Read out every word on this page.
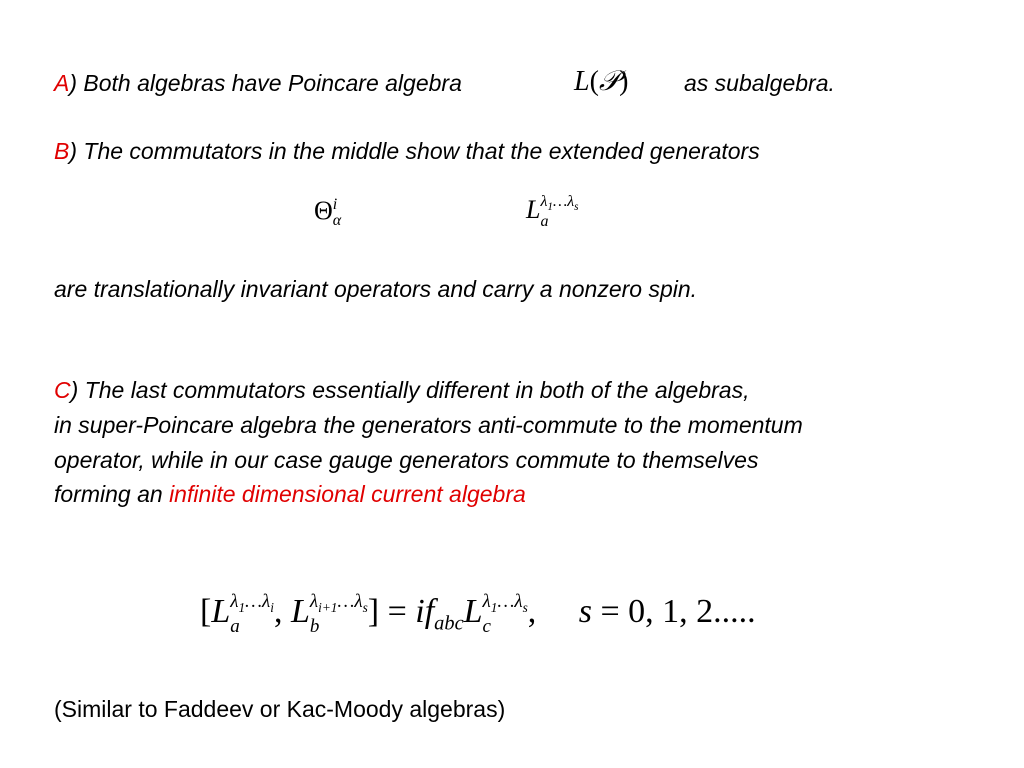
A) Both algebras have Poincare algebra	L(𝒫) as subalgebra.
B) The commutators in the middle show that the extended generators
Θ i
α	L $\lambda_1\dots\lambda_s$
a
are translationally invariant operators and carry a nonzero spin.
C) The last commutators essentially different in both of the algebras,
in super-Poincare algebra the generators anti-commute to the momentum
operator, while in our case gauge generators commute to themselves
forming an infinite dimensional current algebra
[L $\lambda_1\dots\lambda_i$
a	, L $\lambda_{i+1}\dots\lambda_s$
b	] = $if_{abc}L$ $\lambda_1\dots\lambda_s$
c	,     s = 0, 1, 2.....
(Similar to Faddeev or Kac-Moody algebras)
